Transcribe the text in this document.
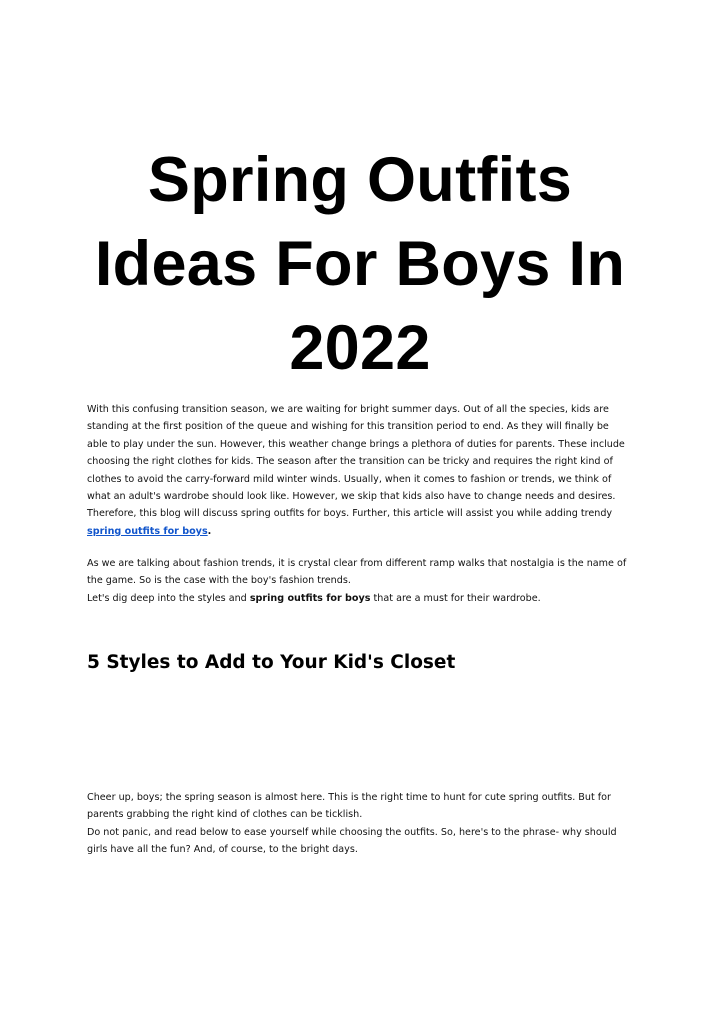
Spring Outfits
Ideas For Boys In
2022

With this confusing transition season, we are waiting for bright summer days. Out of all the species, kids are

standing at the first position of the queue and wishing for this transition period to end. As they will finally be

able to play under the sun. However, this weather change brings a plethora of duties for parents. These include

choosing the right clothes for kids. The season after the transition can be tricky and requires the right kind of

clothes to avoid the carry-forward mild winter winds. Usually, when it comes to fashion or trends, we think of

what an adult's wardrobe should look like. However, we skip that kids also have to change needs and desires.

Therefore, this blog will discuss spring outfits for boys. Further, this article will assist you while adding trendy

spring outfits for boys.

As we are talking about fashion trends, it is crystal clear from different ramp walks that nostalgia is the name of

the game. So is the case with the boy's fashion trends.

Let's dig deep into the styles and spring outfits for boys that are a must for their wardrobe.

5 Styles to Add to Your Kid's Closet

Cheer up, boys; the spring season is almost here. This is the right time to hunt for cute spring outfits. But for

parents grabbing the right kind of clothes can be ticklish.

Do not panic, and read below to ease yourself while choosing the outfits. So, here's to the phrase- why should

girls have all the fun? And, of course, to the bright days.
